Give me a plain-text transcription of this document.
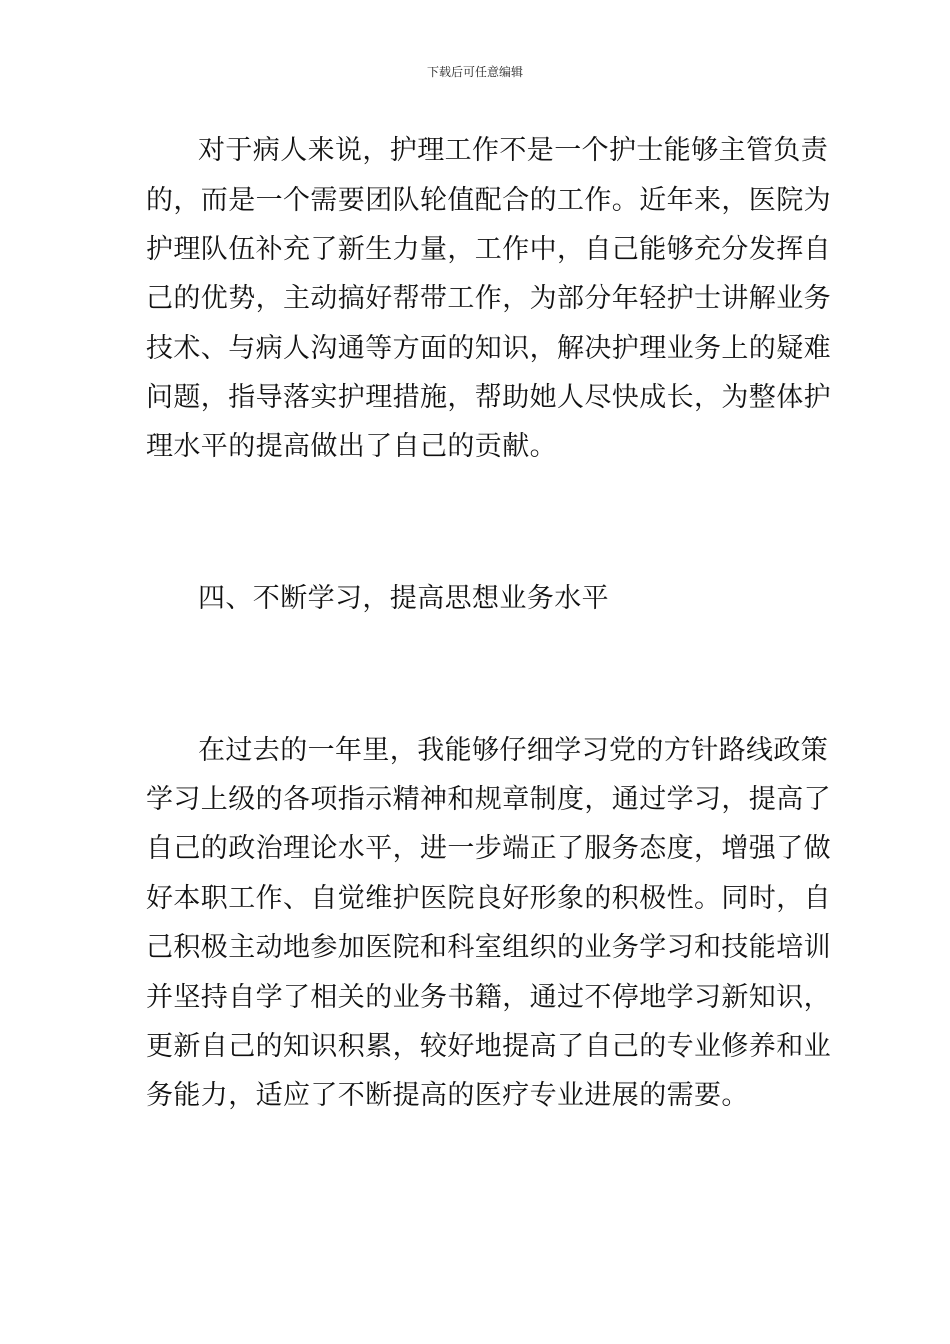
下载后可任意编辑
对于病人来说，护理工作不是一个护士能够主管负责
的，而是一个需要团队轮值配合的工作。近年来，医院为
护理队伍补充了新生力量，工作中，自己能够充分发挥自
己的优势，主动搞好帮带工作，为部分年轻护士讲解业务
技术、与病人沟通等方面的知识，解决护理业务上的疑难
问题，指导落实护理措施，帮助她人尽快成长，为整体护
理水平的提高做出了自己的贡献。
四、不断学习，提高思想业务水平
在过去的一年里，我能够仔细学习党的方针路线政策
学习上级的各项指示精神和规章制度，通过学习，提高了
自己的政治理论水平，进一步端正了服务态度，增强了做
好本职工作、自觉维护医院良好形象的积极性。同时，自
己积极主动地参加医院和科室组织的业务学习和技能培训
并坚持自学了相关的业务书籍，通过不停地学习新知识，
更新自己的知识积累，较好地提高了自己的专业修养和业
务能力，适应了不断提高的医疗专业进展的需要。
